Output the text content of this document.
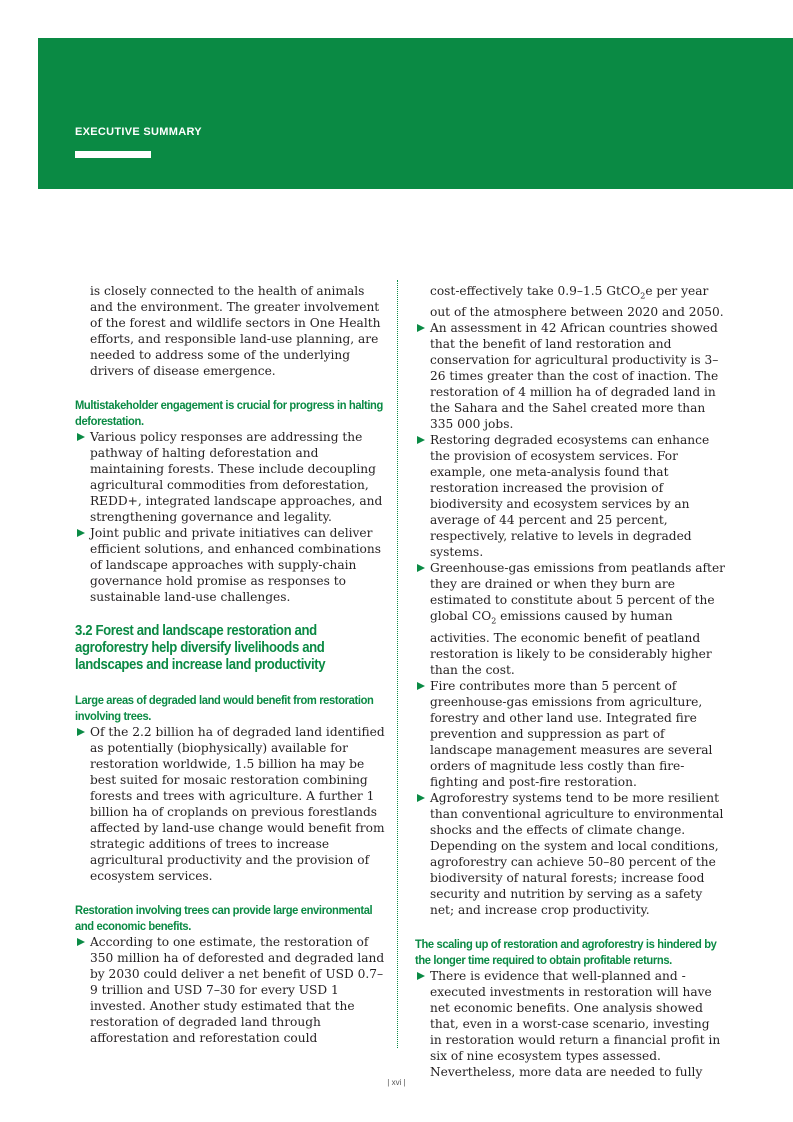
EXECUTIVE SUMMARY

is closely connected to the health of animals and the environment. The greater involvement of the forest and wildlife sectors in One Health efforts, and responsible land-use planning, are needed to address some of the underlying drivers of disease emergence.

Multistakeholder engagement is crucial for progress in halting deforestation.
Various policy responses are addressing the pathway of halting deforestation and maintaining forests. These include decoupling agricultural commodities from deforestation, REDD+, integrated landscape approaches, and strengthening governance and legality.
Joint public and private initiatives can deliver efficient solutions, and enhanced combinations of landscape approaches with supply-chain governance hold promise as responses to sustainable land-use challenges.
3.2 Forest and landscape restoration and agroforestry help diversify livelihoods and landscapes and increase land productivity
Large areas of degraded land would benefit from restoration involving trees.
Of the 2.2 billion ha of degraded land identified as potentially (biophysically) available for restoration worldwide, 1.5 billion ha may be best suited for mosaic restoration combining forests and trees with agriculture. A further 1 billion ha of croplands on previous forestlands affected by land-use change would benefit from strategic additions of trees to increase agricultural productivity and the provision of ecosystem services.
Restoration involving trees can provide large environmental and economic benefits.
According to one estimate, the restoration of 350 million ha of deforested and degraded land by 2030 could deliver a net benefit of USD 0.7–9 trillion and USD 7–30 for every USD 1 invested. Another study estimated that the restoration of degraded land through afforestation and reforestation could

cost-effectively take 0.9–1.5 GtCO$_2$e per year out of the atmosphere between 2020 and 2050.

An assessment in 42 African countries showed that the benefit of land restoration and conservation for agricultural productivity is 3–26 times greater than the cost of inaction. The restoration of 4 million ha of degraded land in the Sahara and the Sahel created more than 335 000 jobs.
Restoring degraded ecosystems can enhance the provision of ecosystem services. For example, one meta-analysis found that restoration increased the provision of biodiversity and ecosystem services by an average of 44 percent and 25 percent, respectively, relative to levels in degraded systems.
Greenhouse-gas emissions from peatlands after they are drained or when they burn are estimated to constitute about 5 percent of the global $CO_2$ emissions caused by human activities. The economic benefit of peatland restoration is likely to be considerably higher than the cost.
Fire contributes more than 5 percent of greenhouse-gas emissions from agriculture, forestry and other land use. Integrated fire prevention and suppression as part of landscape management measures are several orders of magnitude less costly than fire-fighting and post-fire restoration.
Agroforestry systems tend to be more resilient than conventional agriculture to environmental shocks and the effects of climate change. Depending on the system and local conditions, agroforestry can achieve 50–80 percent of the biodiversity of natural forests; increase food security and nutrition by serving as a safety net; and increase crop productivity.
The scaling up of restoration and agroforestry is hindered by the longer time required to obtain profitable returns.
There is evidence that well-planned and -executed investments in restoration will have net economic benefits. One analysis showed that, even in a worst-case scenario, investing in restoration would return a financial profit in six of nine ecosystem types assessed. Nevertheless, more data are needed to fully
| xvi |
